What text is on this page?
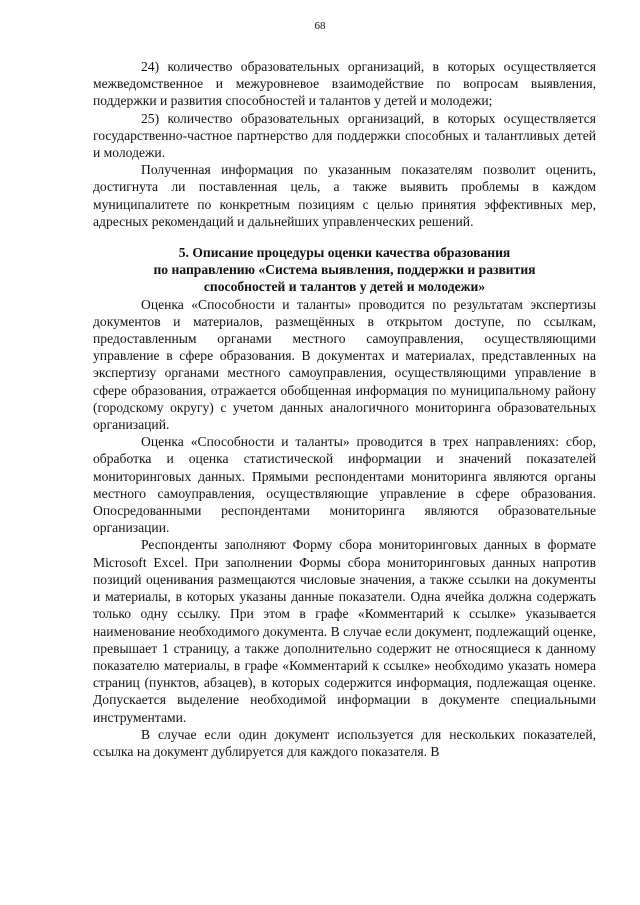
68

24) количество образовательных организаций, в которых осуществляется межведомственное и межуровневое взаимодействие по вопросам выявления, поддержки и развития способностей и талантов у детей и молодежи;

25) количество образовательных организаций, в которых осуществляется государственно-частное партнерство для поддержки способных и талантливых детей и молодежи.

Полученная информация по указанным показателям позволит оценить, достигнута ли поставленная цель, а также выявить проблемы в каждом муниципалитете по конкретным позициям с целью принятия эффективных мер, адресных рекомендаций и дальнейших управленческих решений.

5. Описание процедуры оценки качества образования
по направлению «Система выявления, поддержки и развития
способностей и талантов у детей и молодежи»

Оценка «Способности и таланты» проводится по результатам экспертизы документов и материалов, размещённых в открытом доступе, по ссылкам, предоставленным органами местного самоуправления, осуществляющими управление в сфере образования. В документах и материалах, представленных на экспертизу органами местного самоуправления, осуществляющими управление в сфере образования, отражается обобщенная информация по муниципальному району (городскому округу) с учетом данных аналогичного мониторинга образовательных организаций.

Оценка «Способности и таланты» проводится в трех направлениях: сбор, обработка и оценка статистической информации и значений показателей мониторинговых данных. Прямыми респондентами мониторинга являются органы местного самоуправления, осуществляющие управление в сфере образования. Опосредованными респондентами мониторинга являются образовательные организации.

Респонденты заполняют Форму сбора мониторинговых данных в формате Microsoft Excel. При заполнении Формы сбора мониторинговых данных напротив позиций оценивания размещаются числовые значения, а также ссылки на документы и материалы, в которых указаны данные показатели. Одна ячейка должна содержать только одну ссылку. При этом в графе «Комментарий к ссылке» указывается наименование необходимого документа. В случае если документ, подлежащий оценке, превышает 1 страницу, а также дополнительно содержит не относящиеся к данному показателю материалы, в графе «Комментарий к ссылке» необходимо указать номера страниц (пунктов, абзацев), в которых содержится информация, подлежащая оценке. Допускается выделение необходимой информации в документе специальными инструментами.

В случае если один документ используется для нескольких показателей, ссылка на документ дублируется для каждого показателя. В
